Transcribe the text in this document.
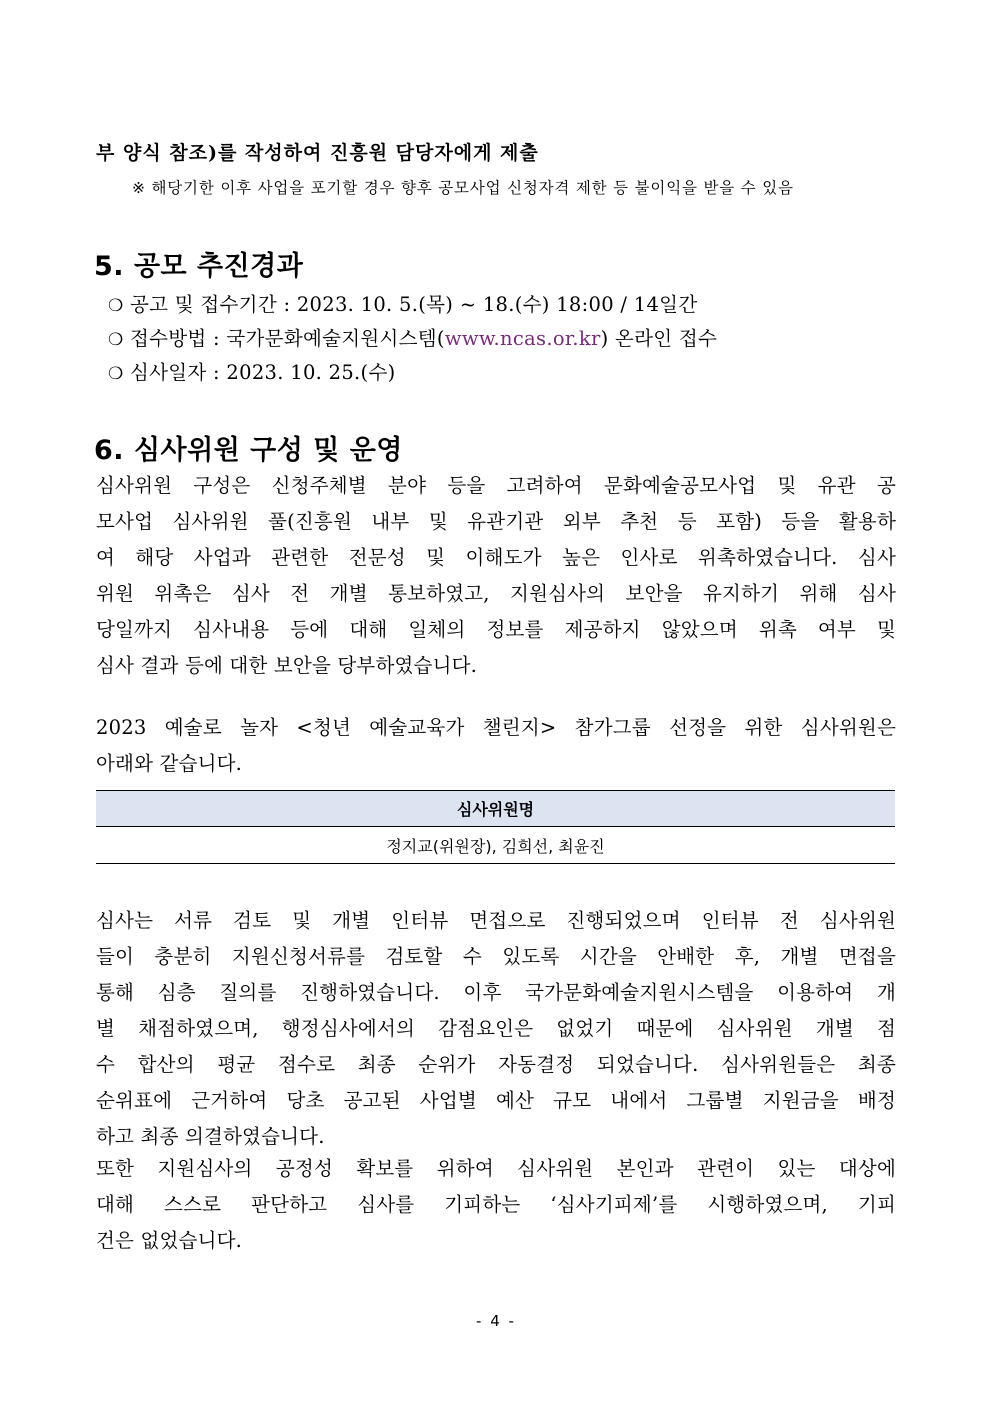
부 양식 참조)를 작성하여 진흥원 담당자에게 제출

※ 해당기한 이후 사업을 포기할 경우 향후 공모사업 신청자격 제한 등 불이익을 받을 수 있음

5. 공모 추진경과

❍ 공고 및 접수기간 : 2023. 10. 5.(목) ~ 18.(수) 18:00 / 14일간

❍ 접수방법 : 국가문화예술지원시스템(www.ncas.or.kr) 온라인 접수

❍ 심사일자 : 2023. 10. 25.(수)

6. 심사위원 구성 및 운영
심사위원 구성은 신청주체별 분야 등을 고려하여 문화예술공모사업 및 유관 공
모사업 심사위원 풀(진흥원 내부 및 유관기관 외부 추천 등 포함) 등을 활용하
여 해당 사업과 관련한 전문성 및 이해도가 높은 인사로 위촉하였습니다. 심사
위원 위촉은 심사 전 개별 통보하였고, 지원심사의 보안을 유지하기 위해 심사
당일까지 심사내용 등에 대해 일체의 정보를 제공하지 않았으며 위촉 여부 및
심사 결과 등에 대한 보안을 당부하였습니다.
2023 예술로 놀자 <청년 예술교육가 챌린지> 참가그룹 선정을 위한 심사위원은
아래와 같습니다.
심사위원명
정지교(위원장), 김희선, 최윤진
심사는 서류 검토 및 개별 인터뷰 면접으로 진행되었으며 인터뷰 전 심사위원
들이 충분히 지원신청서류를 검토할 수 있도록 시간을 안배한 후, 개별 면접을
통해 심층 질의를 진행하였습니다. 이후 국가문화예술지원시스템을 이용하여 개
별 채점하였으며, 행정심사에서의 감점요인은 없었기 때문에 심사위원 개별 점
수 합산의 평균 점수로 최종 순위가 자동결정 되었습니다. 심사위원들은 최종
순위표에 근거하여 당초 공고된 사업별 예산 규모 내에서 그룹별 지원금을 배정
하고 최종 의결하였습니다.
또한 지원심사의 공정성 확보를 위하여 심사위원 본인과 관련이 있는 대상에
대해 스스로 판단하고 심사를 기피하는 ‘심사기피제’를 시행하였으며, 기피
건은 없었습니다.
- 4 -
